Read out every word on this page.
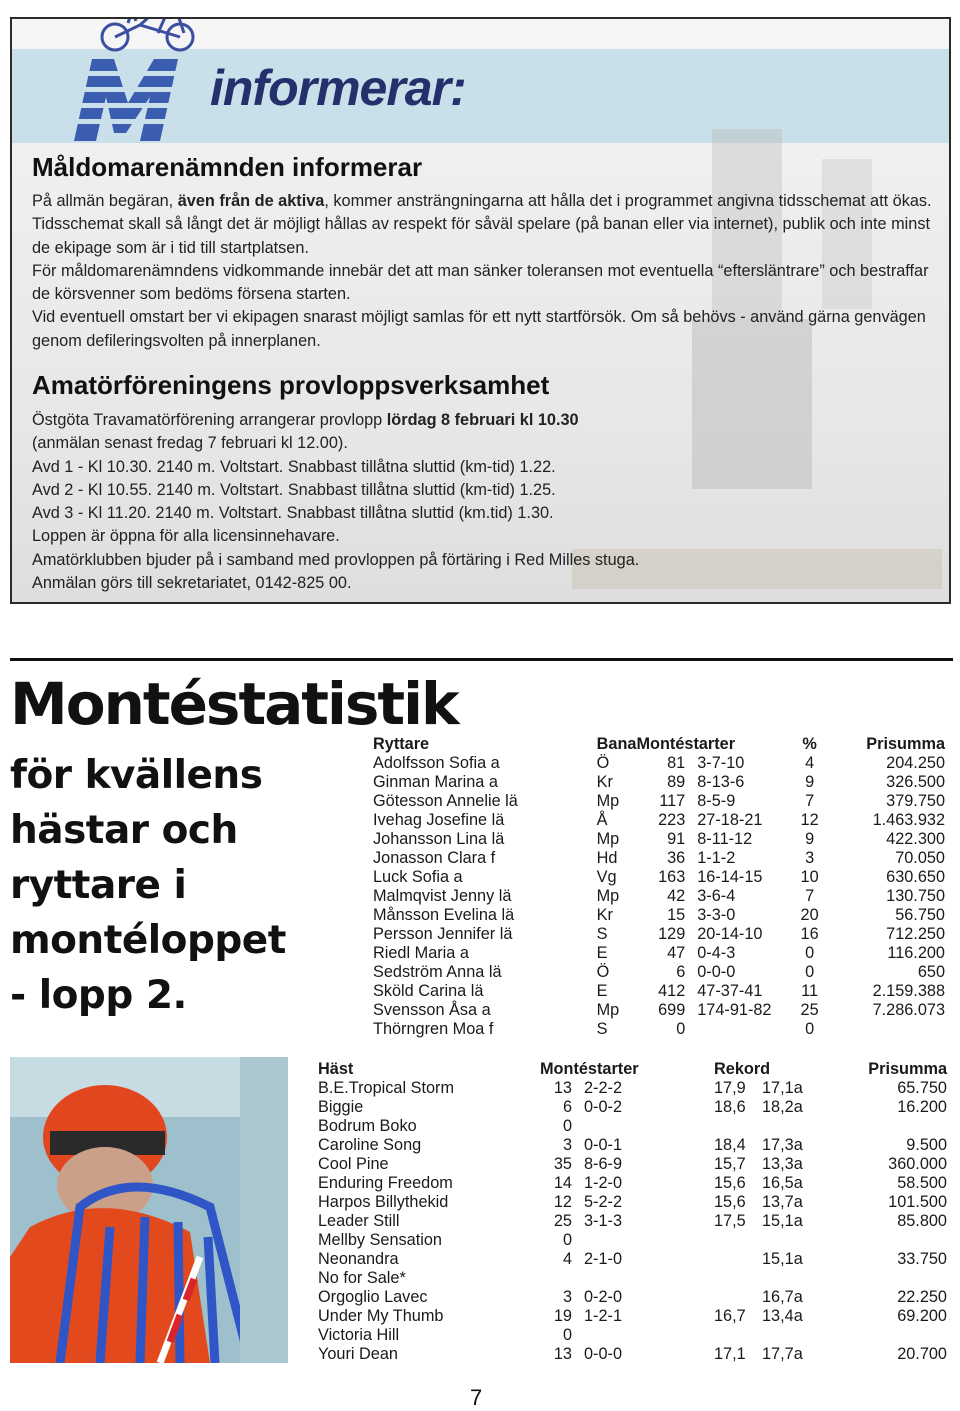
informerar:
Måldomarenämnden informerar

På allmän begäran, även från de aktiva, kommer ansträngningarna att hålla det i programmet angivna tidsschemat att ökas. Tidsschemat skall så långt det är möjligt hållas av respekt för såväl spelare (på banan eller via internet), publik och inte minst de ekipage som är i tid till startplatsen.

För måldomarenämndens vidkommande innebär det att man sänker toleransen mot eventuella “eftersläntrare” och bestraffar de körsvenner som bedöms försena starten.

Vid eventuell omstart ber vi ekipagen snarast möjligt samlas för ett nytt startförsök. Om så behövs - använd gärna genvägen genom defileringsvolten på innerplanen.

Amatörföreningens provloppsverksamhet

Östgöta Travamatörförening arrangerar provlopp lördag 8 februari kl 10.30

(anmälan senast fredag 7 februari kl 12.00).

Avd 1 - Kl 10.30. 2140 m. Voltstart. Snabbast tillåtna sluttid (km-tid) 1.22.

Avd 2 - Kl 10.55. 2140 m. Voltstart. Snabbast tillåtna sluttid (km-tid) 1.25.

Avd 3 - Kl 11.20. 2140 m. Voltstart. Snabbast tillåtna sluttid (km.tid) 1.30.

Loppen är öppna för alla licensinnehavare.

Amatörklubben bjuder på i samband med provloppen på förtäring i Red Milles stuga.

Anmälan görs till sekretariatet, 0142-825 00.

Montéstatistik
för kvällens
hästar och
ryttare i
montéloppet
- lopp 2.
Ryttare	Bana	Montéstarter		%	Prisumma
Adolfsson Sofia a	Ö	81	3-7-10	4	204.250
Ginman Marina a	Kr	89	8-13-6	9	326.500
Götesson Annelie lä	Mp	117	8-5-9	7	379.750
Ivehag Josefine lä	Å	223	27-18-21	12	1.463.932
Johansson Lina lä	Mp	91	8-11-12	9	422.300
Jonasson Clara f	Hd	36	1-1-2	3	70.050
Luck Sofia a	Vg	163	16-14-15	10	630.650
Malmqvist Jenny lä	Mp	42	3-6-4	7	130.750
Månsson Evelina lä	Kr	15	3-3-0	20	56.750
Persson Jennifer lä	S	129	20-14-10	16	712.250
Riedl Maria a	E	47	0-4-3	0	116.200
Sedström Anna lä	Ö	6	0-0-0	0	650
Sköld Carina lä	E	412	47-37-41	11	2.159.388
Svensson Åsa a	Mp	699	174-91-82	25	7.286.073
Thörngren Moa f	S	0		0	
Häst	Montéstarter		Rekord		Prisumma
B.E.Tropical Storm	13	2-2-2	17,9	17,1a	65.750
Biggie	6	0-0-2	18,6	18,2a	16.200
Bodrum Boko	0				
Caroline Song	3	0-0-1	18,4	17,3a	9.500
Cool Pine	35	8-6-9	15,7	13,3a	360.000
Enduring Freedom	14	1-2-0	15,6	16,5a	58.500
Harpos Billythekid	12	5-2-2	15,6	13,7a	101.500
Leader Still	25	3-1-3	17,5	15,1a	85.800
Mellby Sensation	0				
Neonandra	4	2-1-0		15,1a	33.750
No for Sale*					
Orgoglio Lavec	3	0-2-0		16,7a	22.250
Under My Thumb	19	1-2-1	16,7	13,4a	69.200
Victoria Hill	0				
Youri Dean	13	0-0-0	17,1	17,7a	20.700

7
